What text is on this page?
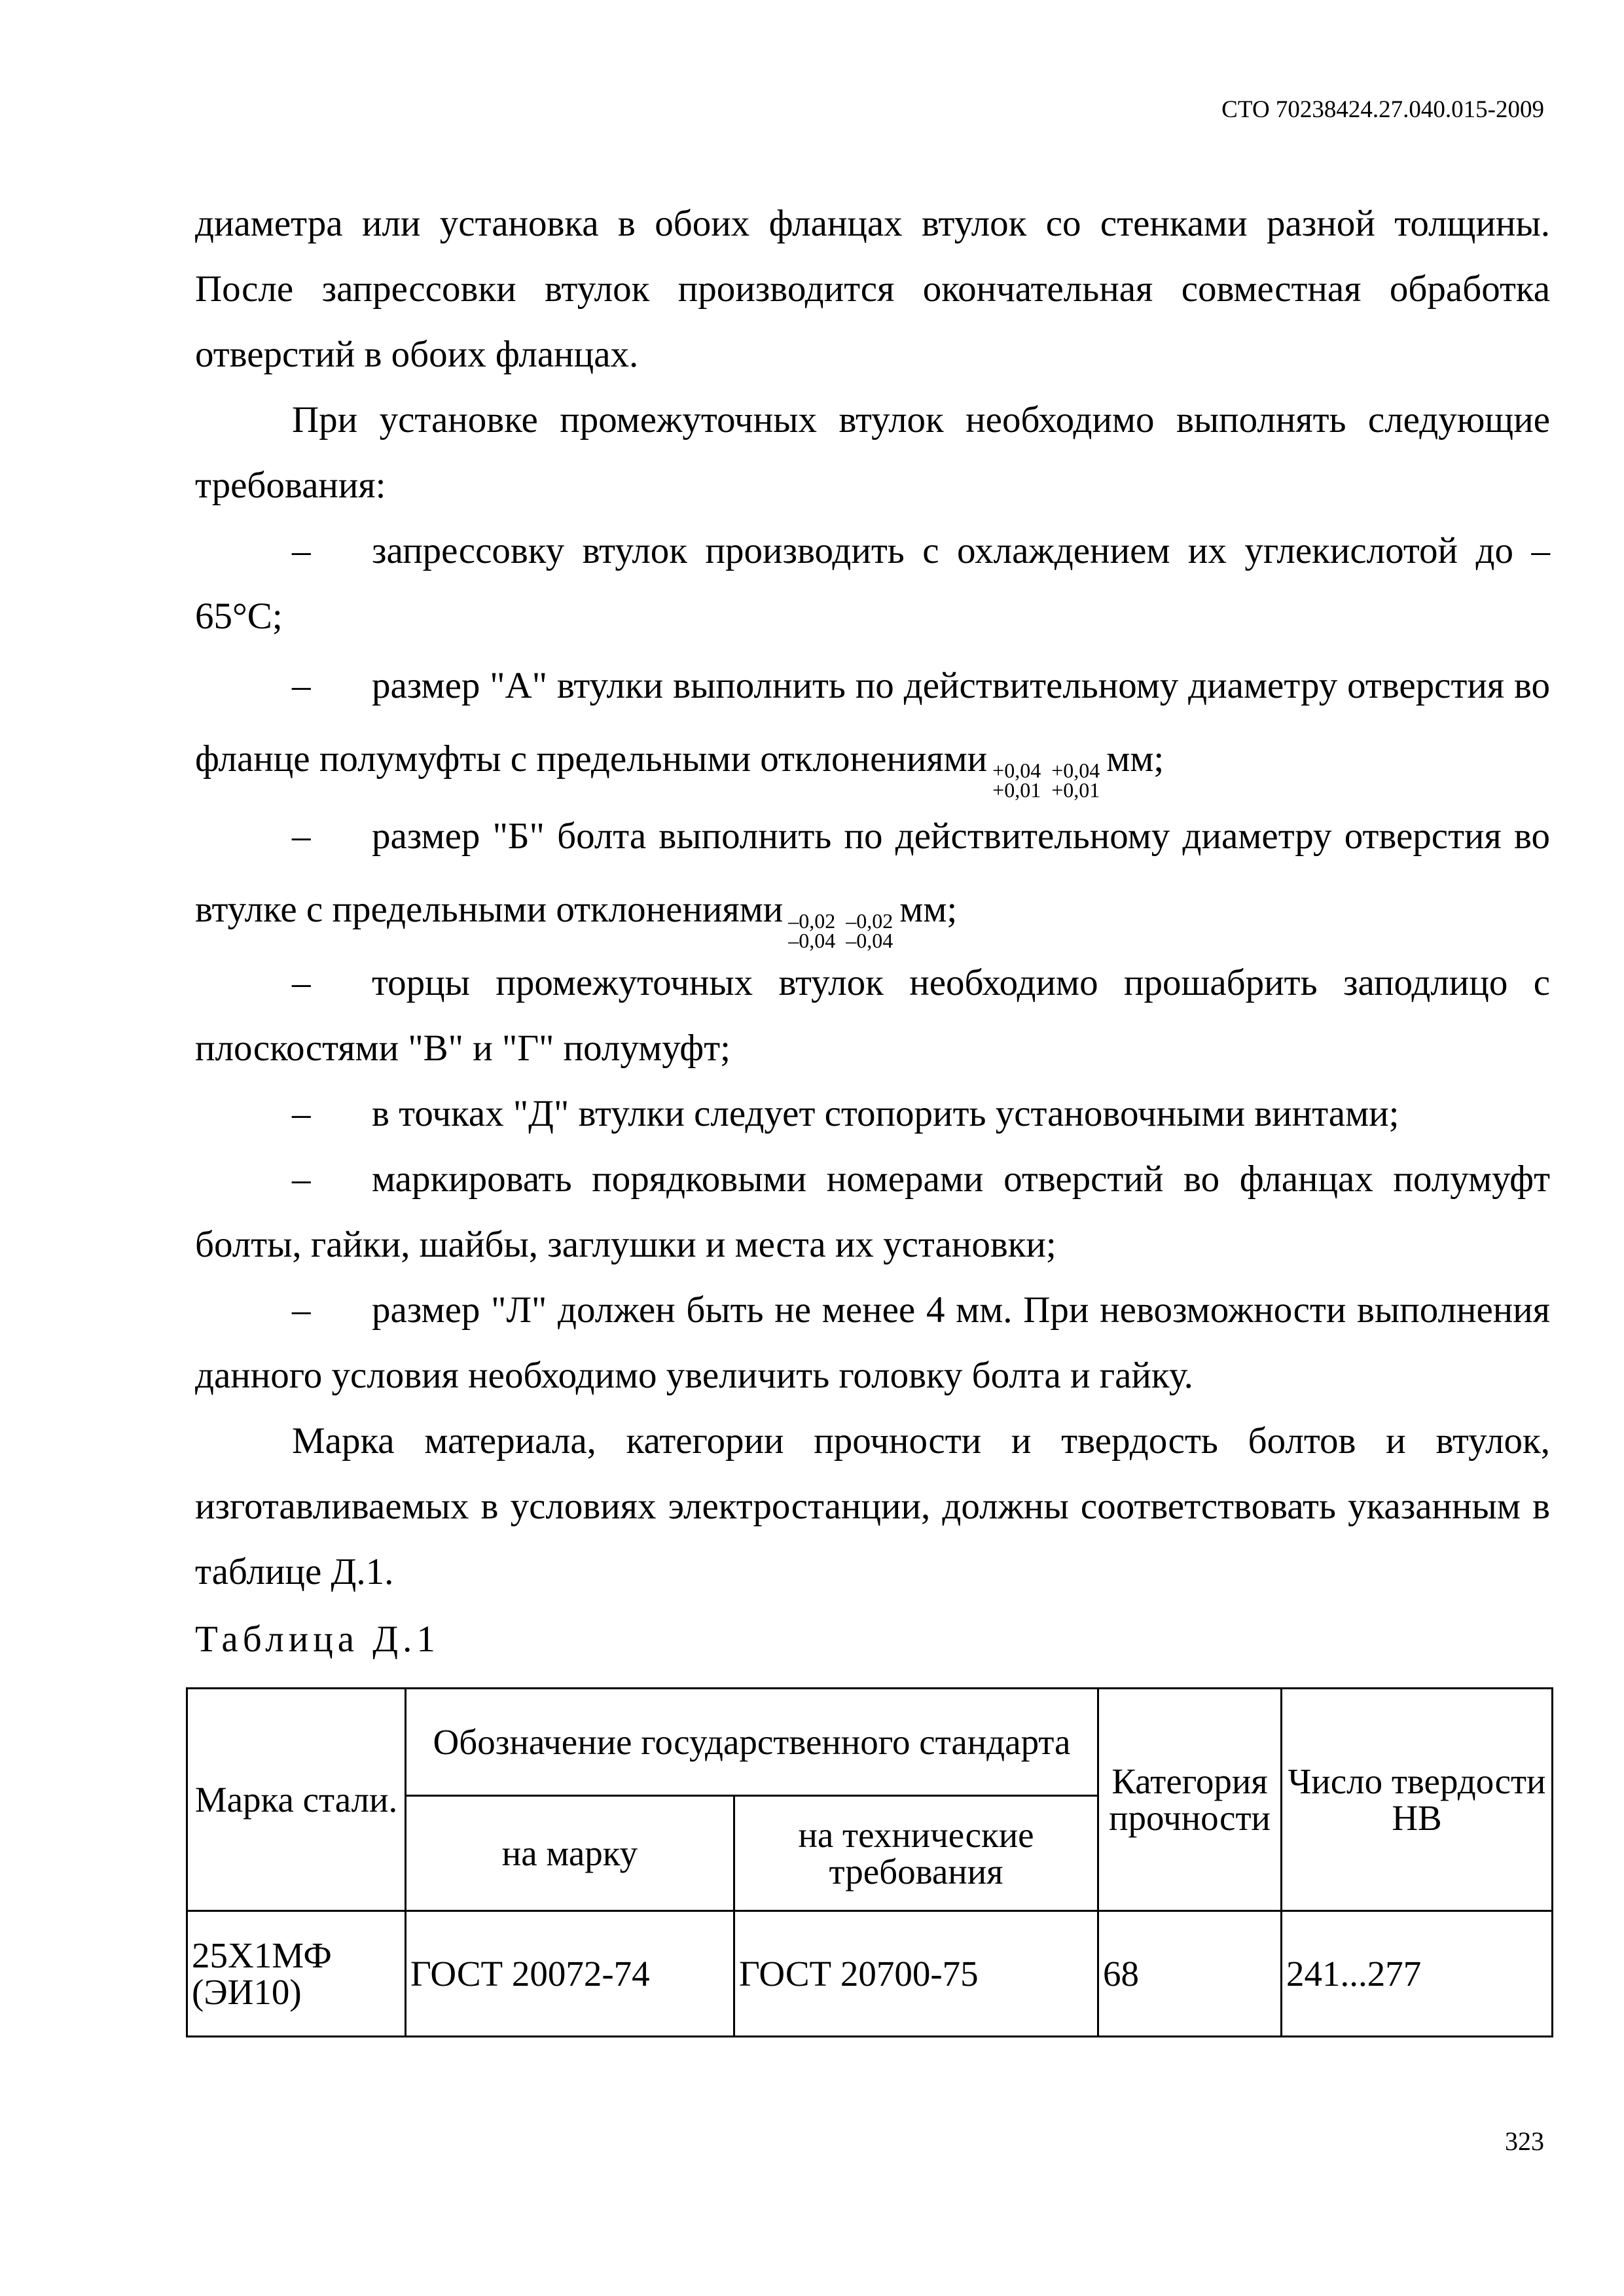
СТО 70238424.27.040.015-2009

диаметра или установка в обоих фланцах втулок со стенками разной толщины. После запрессовки втулок производится окончательная совместная обработка отверстий в обоих фланцах.

При установке промежуточных втулок необходимо выполнять следующие требования:

– запрессовку втулок производить с охлаждением их углекислотой до – 65°С;

– размер "А" втулки выполнить по действительному диаметру отверстия во фланце полумуфты с предельными отклонениями +0,04  +0,04
+0,01  +0,01
мм;

– размер "Б" болта выполнить по действительному диаметру отверстия во втулке с предельными отклонениями –0,02  –0,02
–0,04  –0,04
мм;

– торцы промежуточных втулок необходимо прошабрить заподлицо с плоскостями "В" и "Г" полумуфт;

– в точках "Д" втулки следует стопорить установочными винтами;

– маркировать порядковыми номерами отверстий во фланцах полумуфт болты, гайки, шайбы, заглушки и места их установки;

– размер "Л" должен быть не менее 4 мм. При невозможности выполнения данного условия необходимо увеличить головку болта и гайку.

Марка материала, категории прочности и твердость болтов и втулок, изготавливаемых в условиях электростанции, должны соответствовать указанным в таблице Д.1.

Таблица Д.1
Марка стали.	Обозначение государственного стандарта		Категория прочности	Число твердости
НВ

	на марку	на технические требования		

25Х1МФ
(ЭИ10)	ГОСТ 20072-74	ГОСТ 20700-75	68	241...277
323
